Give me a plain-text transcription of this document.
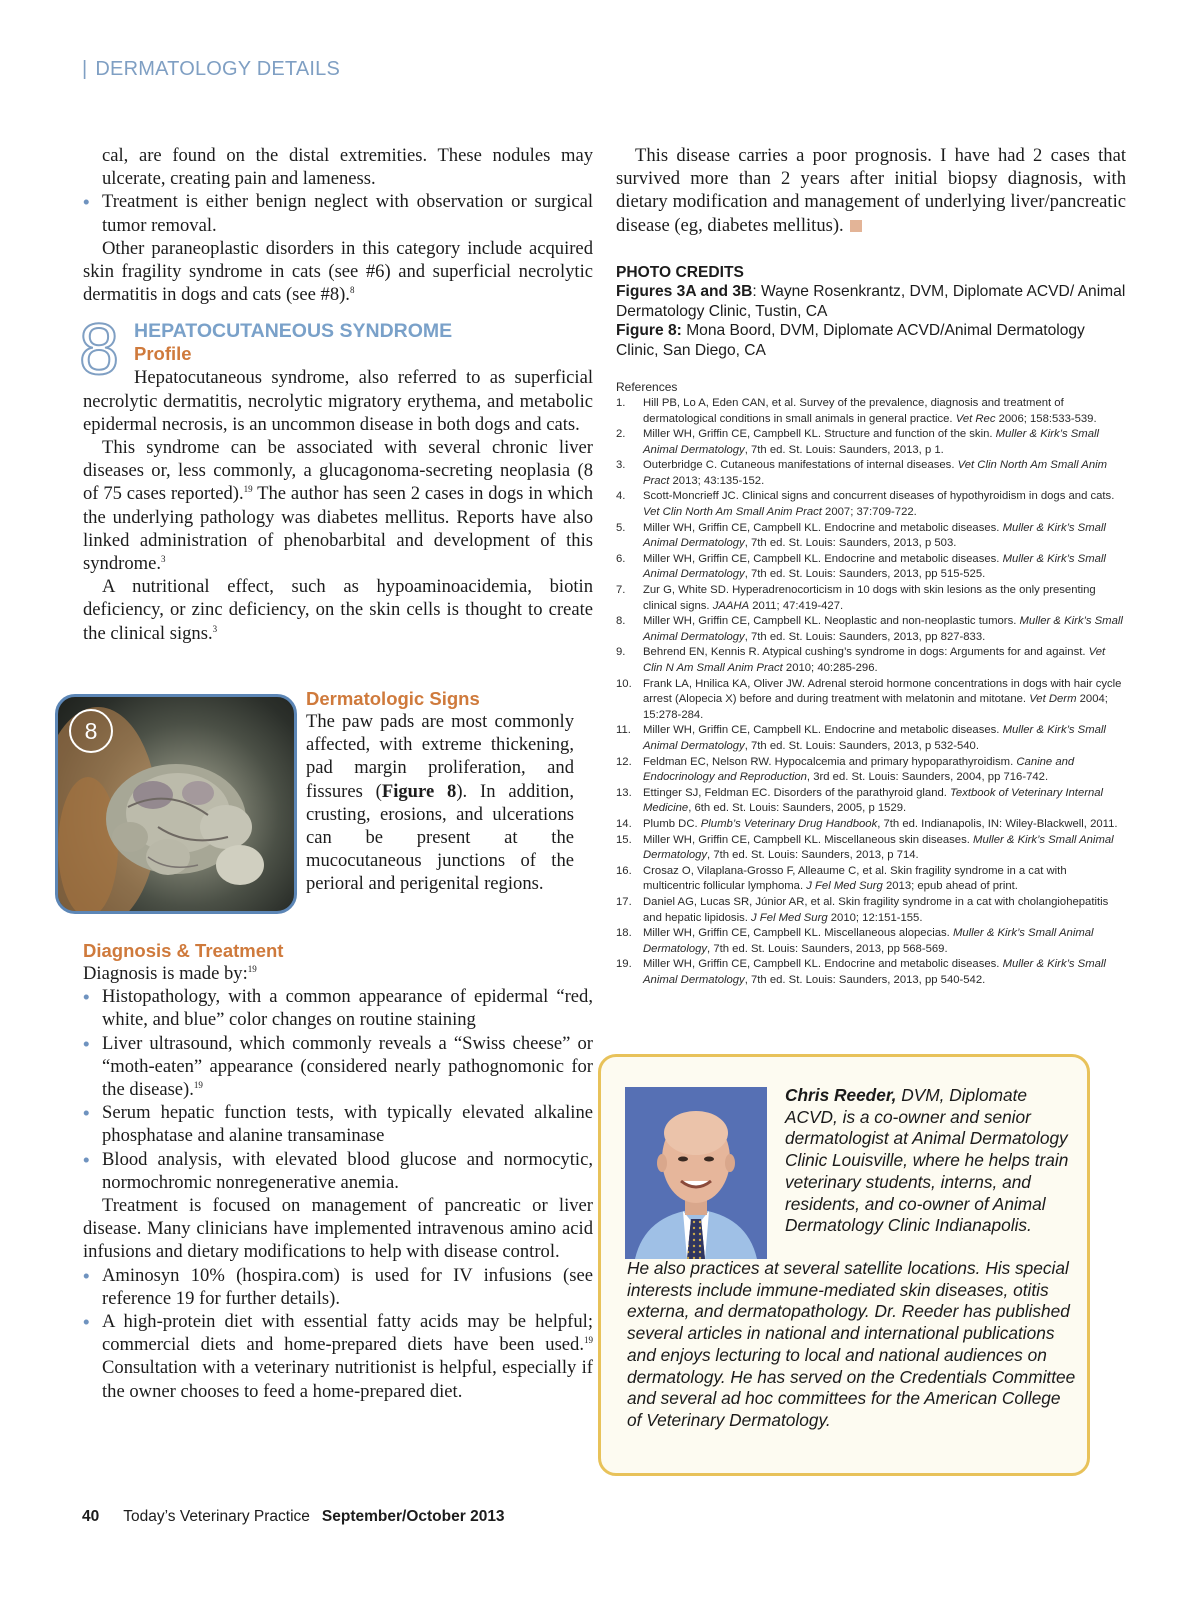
| DERMATOLOGY DETAILS
cal, are found on the distal extremities. These nodules may ulcerate, creating pain and lameness.
• Treatment is either benign neglect with observation or surgical tumor removal.

Other paraneoplastic disorders in this category include acquired skin fragility syndrome in cats (see #6) and superficial necrolytic dermatitis in dogs and cats (see #8).$^8$

8 HEPATOCUTANEOUS SYNDROME
Profile

Hepatocutaneous syndrome, also referred to as superficial necrolytic dermatitis, necrolytic migratory erythema, and metabolic epidermal necrosis, is an uncommon disease in both dogs and cats.

This syndrome can be associated with several chronic liver diseases or, less commonly, a glucagonoma-secreting neoplasia (8 of 75 cases reported).$^{19}$ The author has seen 2 cases in dogs in which the underlying pathology was diabetes mellitus. Reports have also linked administration of phenobarbital and development of this syndrome.$^3$

A nutritional effect, such as hypoaminoacidemia, biotin deficiency, or zinc deficiency, on the skin cells is thought to create the clinical signs.$^3$

8

Dermatologic Signs

The paw pads are most commonly affected, with extreme thickening, pad margin proliferation, and fissures (Figure 8). In addition, crusting, erosions, and ulcerations can be present at the mucocutaneous junctions of the perioral and perigenital regions.

Diagnosis & Treatment

Diagnosis is made by:$^{19}$

• Histopathology, with a common appearance of epidermal “red, white, and blue” color changes on routine staining
• Liver ultrasound, which commonly reveals a “Swiss cheese” or “moth-eaten” appearance (considered nearly pathognomonic for the disease).$^{19}$
• Serum hepatic function tests, with typically elevated alkaline phosphatase and alanine transaminase
• Blood analysis, with elevated blood glucose and normocytic, normochromic nonregenerative anemia.

Treatment is focused on management of pancreatic or liver disease. Many clinicians have implemented intravenous amino acid infusions and dietary modifications to help with disease control.

• Aminosyn 10% (hospira.com) is used for IV infusions (see reference 19 for further details).
• A high-protein diet with essential fatty acids may be helpful; commercial diets and home-prepared diets have been used.$^{19}$ Consultation with a veterinary nutritionist is helpful, especially if the owner chooses to feed a home-prepared diet.

This disease carries a poor prognosis. I have had 2 cases that survived more than 2 years after initial biopsy diagnosis, with dietary modification and management of underlying liver/pancreatic disease (eg, diabetes mellitus).

PHOTO CREDITS
Figures 3A and 3B: Wayne Rosenkrantz, DVM, Diplomate ACVD/ Animal Dermatology Clinic, Tustin, CA
Figure 8: Mona Boord, DVM, Diplomate ACVD/Animal Dermatology Clinic, San Diego, CA
References
1. Hill PB, Lo A, Eden CAN, et al. Survey of the prevalence, diagnosis and treatment of dermatological conditions in small animals in general practice. Vet Rec 2006; 158:533-539.
2. Miller WH, Griffin CE, Campbell KL. Structure and function of the skin. Muller & Kirk’s Small Animal Dermatology, 7th ed. St. Louis: Saunders, 2013, p 1.
3. Outerbridge C. Cutaneous manifestations of internal diseases. Vet Clin North Am Small Anim Pract 2013; 43:135-152.
4. Scott-Moncrieff JC. Clinical signs and concurrent diseases of hypothyroidism in dogs and cats. Vet Clin North Am Small Anim Pract 2007; 37:709-722.
5. Miller WH, Griffin CE, Campbell KL. Endocrine and metabolic diseases. Muller & Kirk’s Small Animal Dermatology, 7th ed. St. Louis: Saunders, 2013, p 503.
6. Miller WH, Griffin CE, Campbell KL. Endocrine and metabolic diseases. Muller & Kirk’s Small Animal Dermatology, 7th ed. St. Louis: Saunders, 2013, pp 515-525.
7. Zur G, White SD. Hyperadrenocorticism in 10 dogs with skin lesions as the only presenting clinical signs. JAAHA 2011; 47:419-427.
8. Miller WH, Griffin CE, Campbell KL. Neoplastic and non-neoplastic tumors. Muller & Kirk’s Small Animal Dermatology, 7th ed. St. Louis: Saunders, 2013, pp 827-833.
9. Behrend EN, Kennis R. Atypical cushing’s syndrome in dogs: Arguments for and against. Vet Clin N Am Small Anim Pract 2010; 40:285-296.
10. Frank LA, Hnilica KA, Oliver JW. Adrenal steroid hormone concentrations in dogs with hair cycle arrest (Alopecia X) before and during treatment with melatonin and mitotane. Vet Derm 2004; 15:278-284.
11. Miller WH, Griffin CE, Campbell KL. Endocrine and metabolic diseases. Muller & Kirk’s Small Animal Dermatology, 7th ed. St. Louis: Saunders, 2013, p 532-540.
12. Feldman EC, Nelson RW. Hypocalcemia and primary hypoparathyroidism. Canine and Endocrinology and Reproduction, 3rd ed. St. Louis: Saunders, 2004, pp 716-742.
13. Ettinger SJ, Feldman EC. Disorders of the parathyroid gland. Textbook of Veterinary Internal Medicine, 6th ed. St. Louis: Saunders, 2005, p 1529.
14. Plumb DC. Plumb’s Veterinary Drug Handbook, 7th ed. Indianapolis, IN: Wiley-Blackwell, 2011.
15. Miller WH, Griffin CE, Campbell KL. Miscellaneous skin diseases. Muller & Kirk’s Small Animal Dermatology, 7th ed. St. Louis: Saunders, 2013, p 714.
16. Crosaz O, Vilaplana-Grosso F, Alleaume C, et al. Skin fragility syndrome in a cat with multicentric follicular lymphoma. J Fel Med Surg 2013; epub ahead of print.
17. Daniel AG, Lucas SR, Júnior AR, et al. Skin fragility syndrome in a cat with cholangiohepatitis and hepatic lipidosis. J Fel Med Surg 2010; 12:151-155.
18. Miller WH, Griffin CE, Campbell KL. Miscellaneous alopecias. Muller & Kirk’s Small Animal Dermatology, 7th ed. St. Louis: Saunders, 2013, pp 568-569.
19. Miller WH, Griffin CE, Campbell KL. Endocrine and metabolic diseases. Muller & Kirk’s Small Animal Dermatology, 7th ed. St. Louis: Saunders, 2013, pp 540-542.
Chris Reeder, DVM, Diplomate ACVD, is a co-owner and senior dermatologist at Animal Dermatology Clinic Louisville, where he helps train veterinary students, interns, and residents, and co-owner of Animal Dermatology Clinic Indianapolis.
He also practices at several satellite locations. His special interests include immune-mediated skin diseases, otitis externa, and dermatopathology. Dr. Reeder has published several articles in national and international publications and enjoys lecturing to local and national audiences on dermatology. He has served on the Credentials Committee and several ad hoc committees for the American College of Veterinary Dermatology.
40 Today’s Veterinary Practice September/October 2013
